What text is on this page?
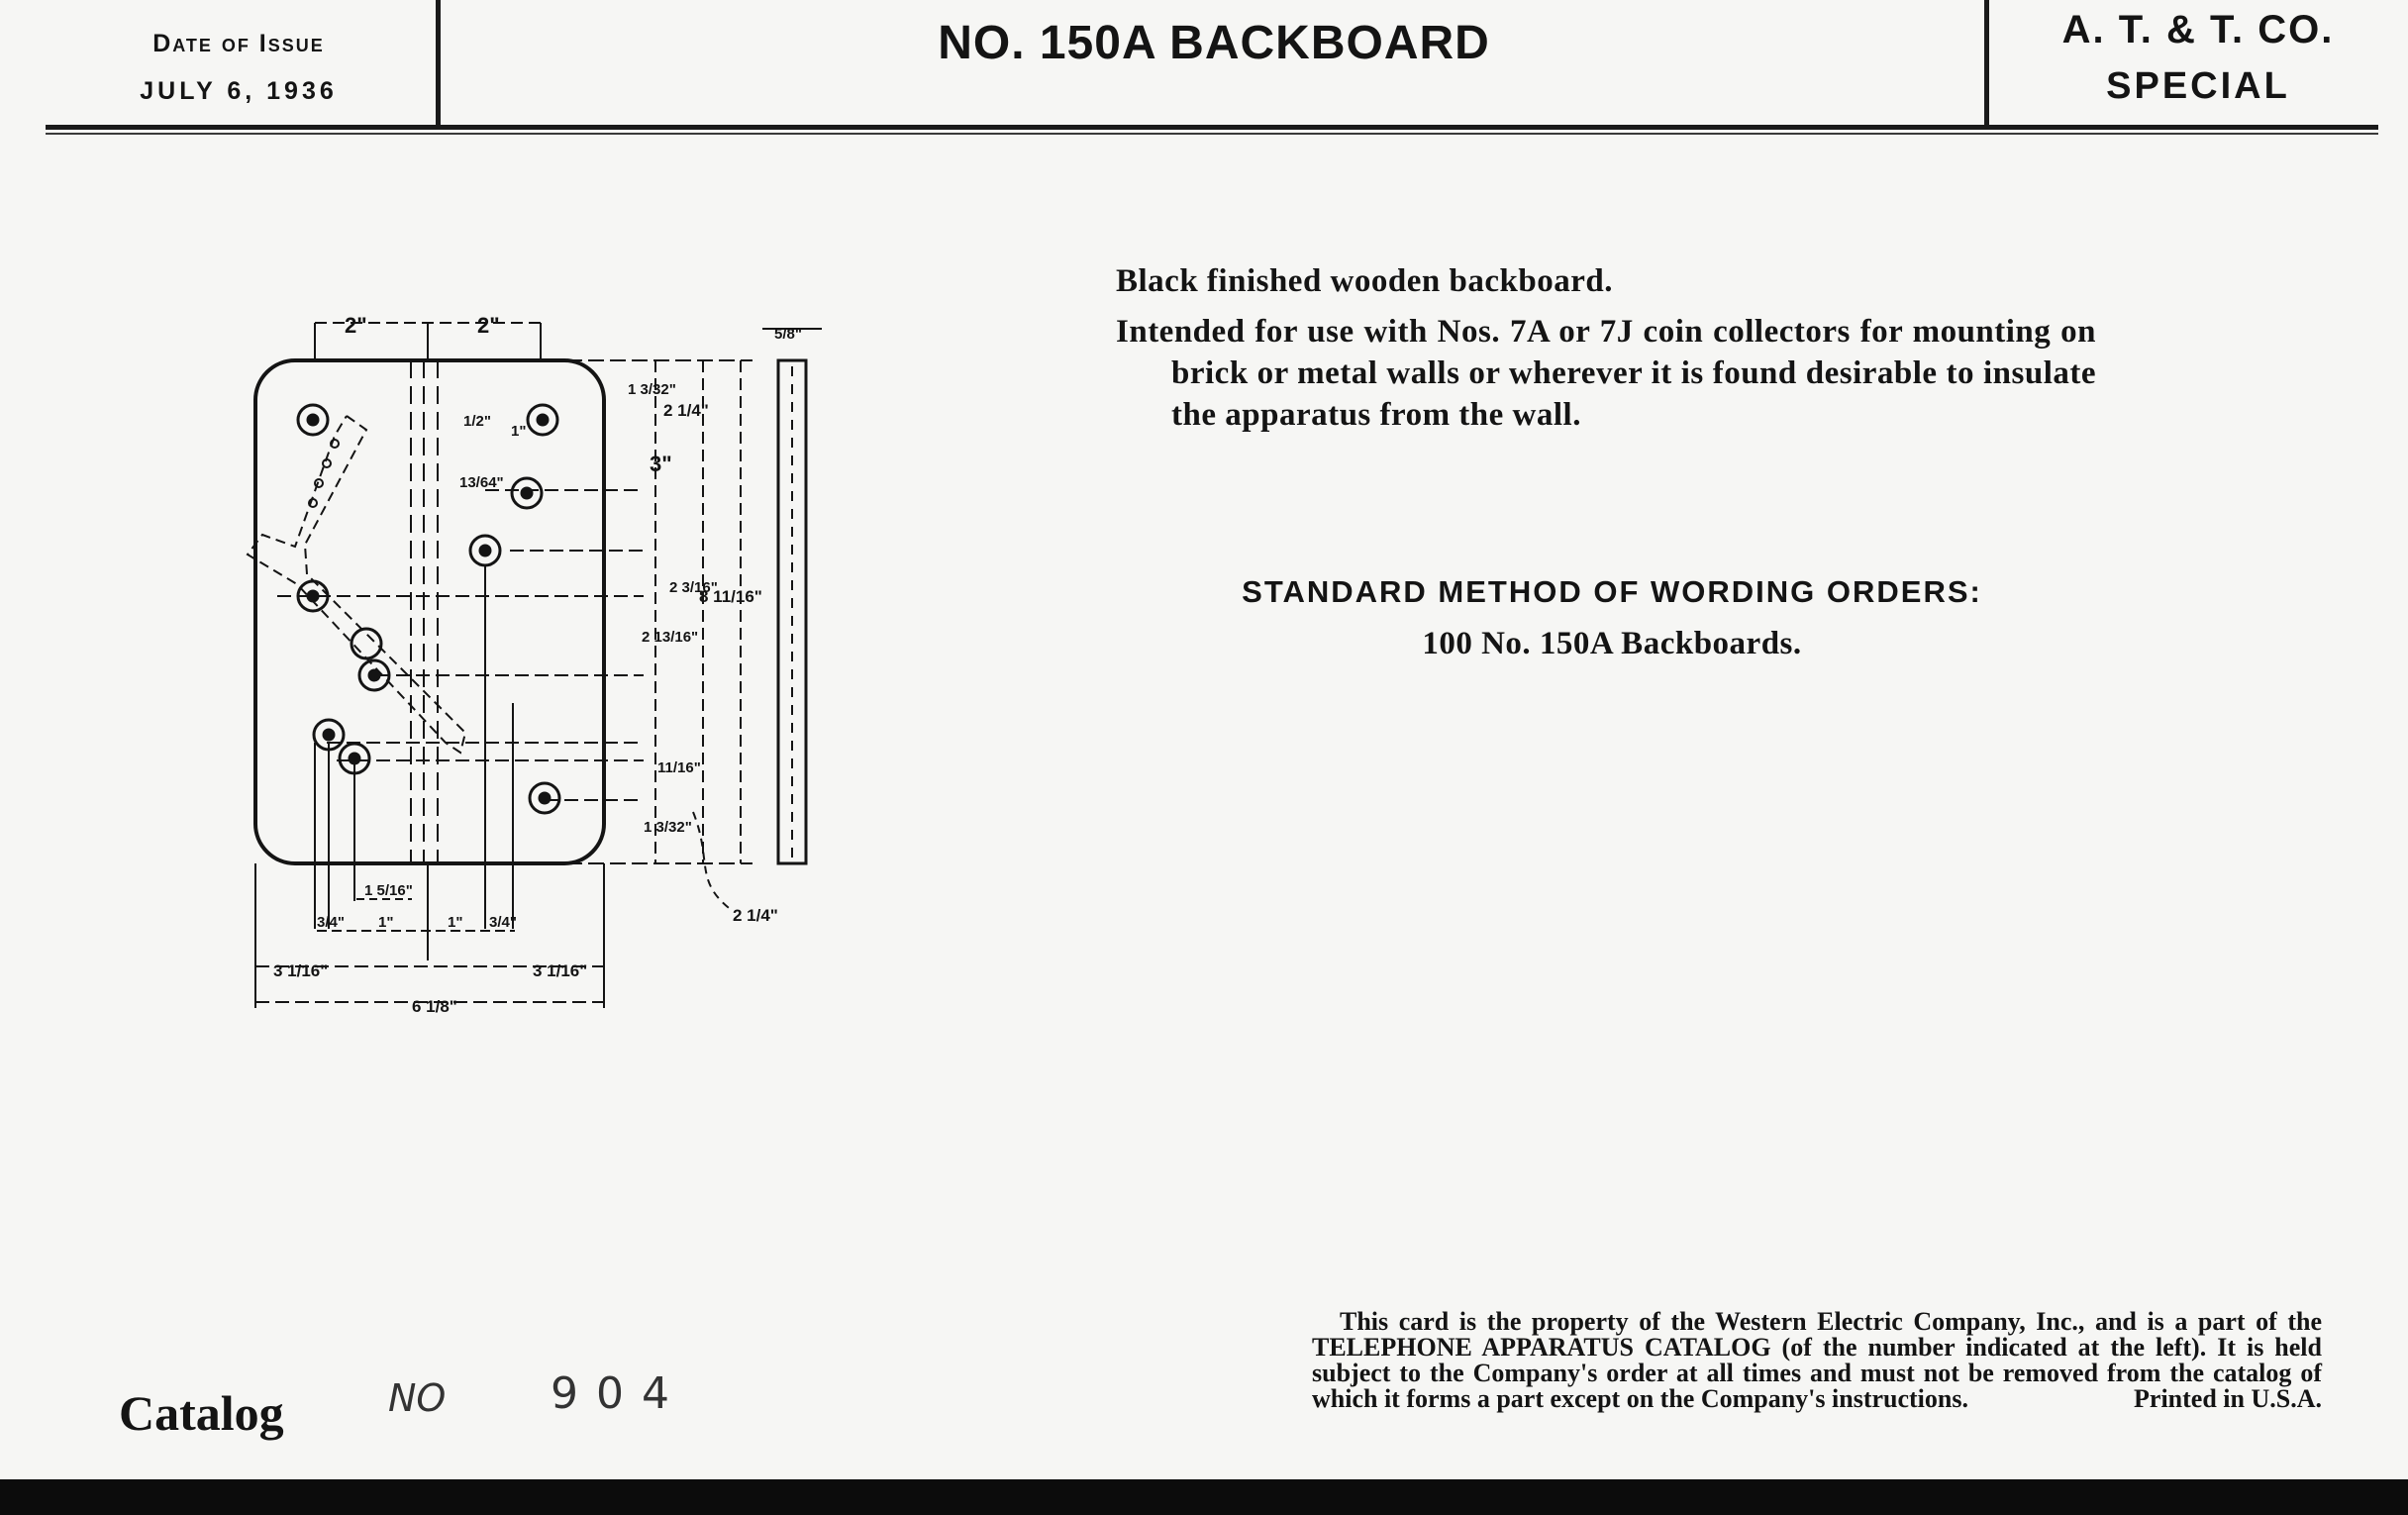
Date of Issue
JULY 6, 1936
NO. 150A BACKBOARD	A. T. & T. CO.
SPECIAL
2"	2"	5/8"
1 3/32"
2 1/4"
3"
1/2"
1"
13/64"
2 3/16"
2 13/16"
8 11/16"
11/16"
1 3/32"
2 1/4"
1 5/16"
3/4" 1"	1" 3/4"
3 1/16"	3 1/16"
6 1/8"
Black finished wooden backboard.
Intended for use with Nos. 7A or 7J coin collectors for mounting on brick or metal walls or wherever it is found desirable to insulate the apparatus from the wall.
STANDARD METHOD OF WORDING ORDERS:
100 No. 150A Backboards.
This card is the property of the Western Electric Company, Inc., and is a part of the TELEPHONE APPARATUS CATALOG (of the number indicated at the left). It is held subject to the Company's order at all times and must not be removed from the catalog of which it forms a part except on the Company's instructions.	Printed in U.S.A.
Catalog	NO 904
